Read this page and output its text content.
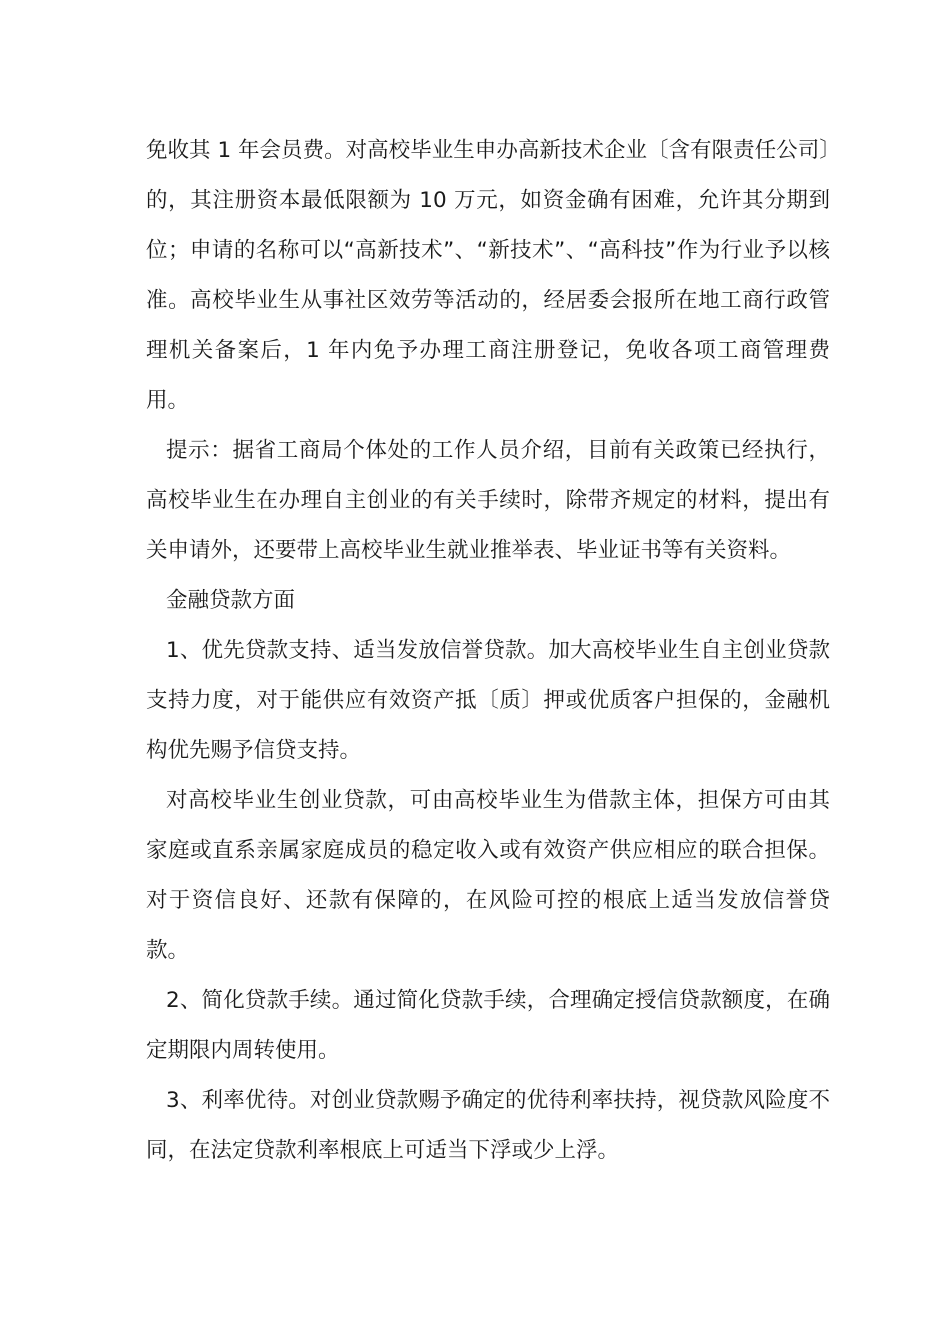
免收其 1 年会员费。对高校毕业生申办高新技术企业〔含有限责任公司〕的，其注册资本最低限额为 10 万元，如资金确有困难，允许其分期到位；申请的名称可以“高新技术”、“新技术”、“高科技”作为行业予以核准。高校毕业生从事社区效劳等活动的，经居委会报所在地工商行政管理机关备案后，1 年内免予办理工商注册登记，免收各项工商管理费用。

提示：据省工商局个体处的工作人员介绍，目前有关政策已经执行，高校毕业生在办理自主创业的有关手续时，除带齐规定的材料，提出有关申请外，还要带上高校毕业生就业推举表、毕业证书等有关资料。

金融贷款方面

1、优先贷款支持、适当发放信誉贷款。加大高校毕业生自主创业贷款支持力度，对于能供应有效资产抵〔质〕押或优质客户担保的，金融机构优先赐予信贷支持。

对高校毕业生创业贷款，可由高校毕业生为借款主体，担保方可由其家庭或直系亲属家庭成员的稳定收入或有效资产供应相应的联合担保。对于资信良好、还款有保障的，在风险可控的根底上适当发放信誉贷款。

2、简化贷款手续。通过简化贷款手续，合理确定授信贷款额度，在确定期限内周转使用。

3、利率优待。对创业贷款赐予确定的优待利率扶持，视贷款风险度不同，在法定贷款利率根底上可适当下浮或少上浮。
